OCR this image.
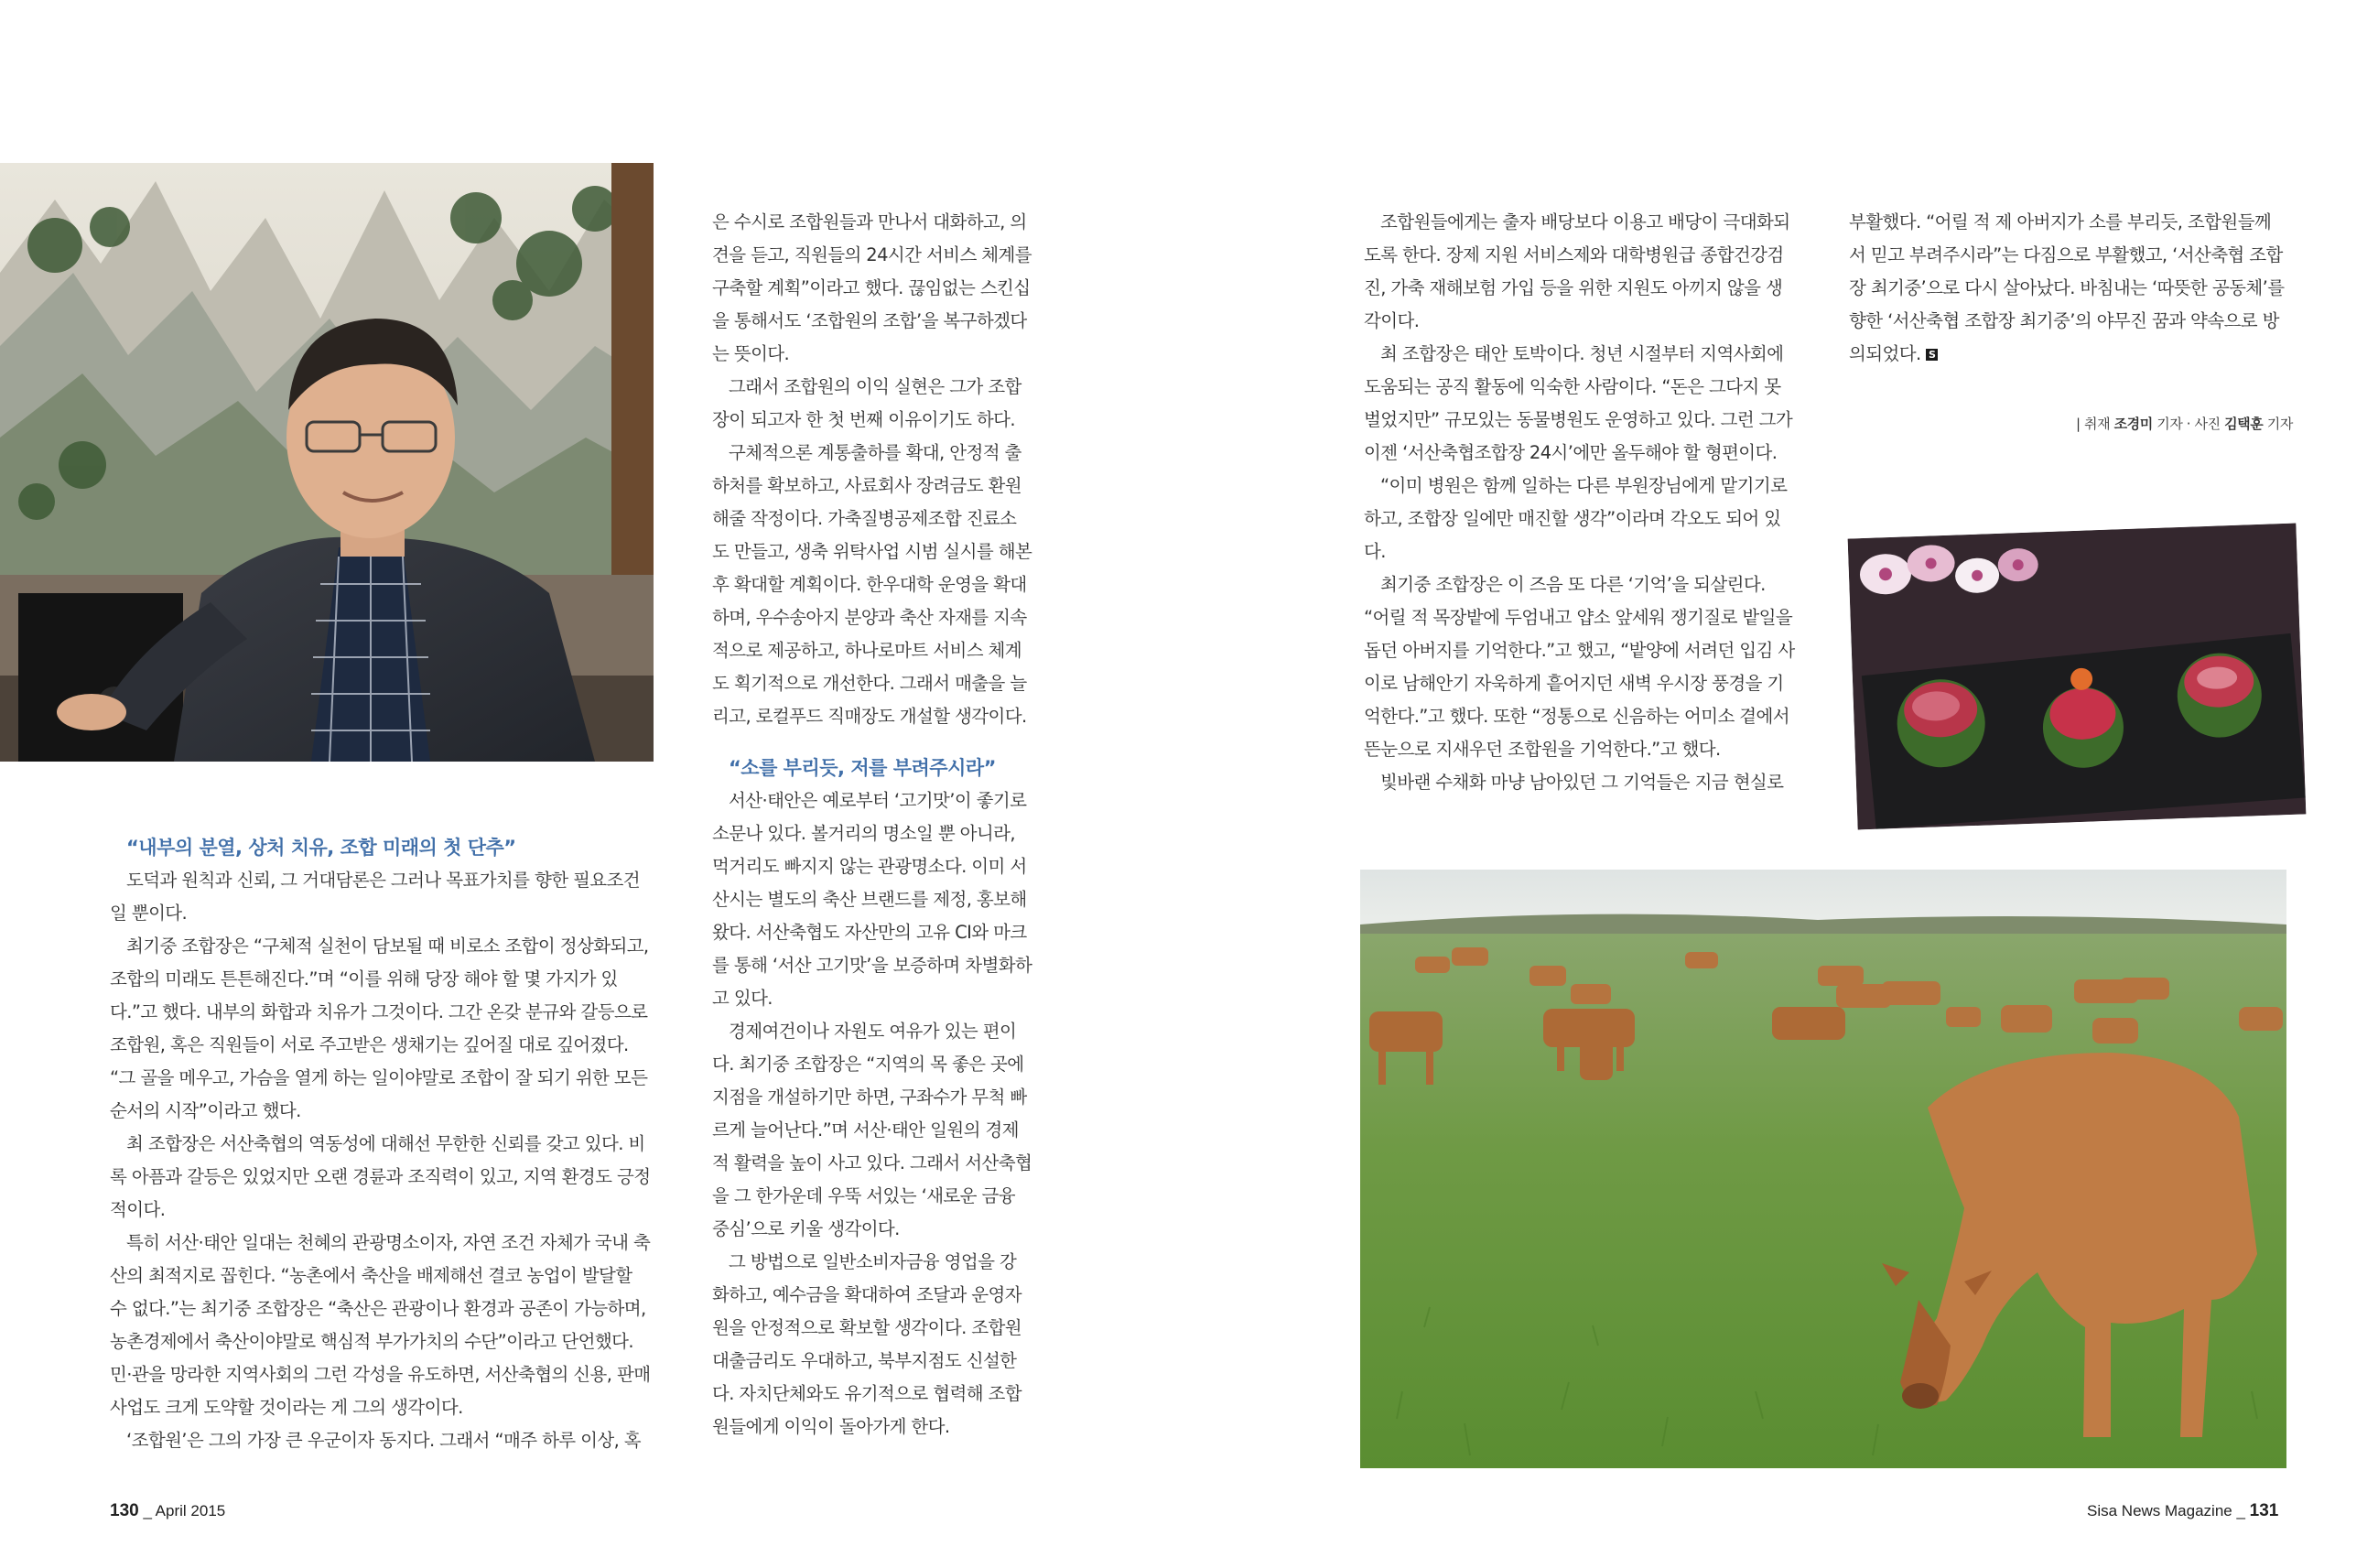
“내부의 분열, 상처 치유, 조합 미래의 첫 단추”

도덕과 원칙과 신뢰, 그 거대담론은 그러나 목표가치를 향한 필요조건일 뿐이다.

최기중 조합장은 “구체적 실천이 담보될 때 비로소 조합이 정상화되고, 조합의 미래도 튼튼해진다.”며 “이를 위해 당장 해야 할 몇 가지가 있다.”고 했다. 내부의 화합과 치유가 그것이다. 그간 온갖 분규와 갈등으로 조합원, 혹은 직원들이 서로 주고받은 생채기는 깊어질 대로 깊어졌다. “그 골을 메우고, 가슴을 열게 하는 일이야말로 조합이 잘 되기 위한 모든 순서의 시작”이라고 했다.

최 조합장은 서산축협의 역동성에 대해선 무한한 신뢰를 갖고 있다. 비록 아픔과 갈등은 있었지만 오랜 경륜과 조직력이 있고, 지역 환경도 긍정적이다.

특히 서산·태안 일대는 천혜의 관광명소이자, 자연 조건 자체가 국내 축산의 최적지로 꼽힌다. “농촌에서 축산을 배제해선 결코 농업이 발달할 수 없다.”는 최기중 조합장은 “축산은 관광이나 환경과 공존이 가능하며, 농촌경제에서 축산이야말로 핵심적 부가가치의 수단”이라고 단언했다. 민·관을 망라한 지역사회의 그런 각성을 유도하면, 서산축협의 신용, 판매사업도 크게 도약할 것이라는 게 그의 생각이다.

‘조합원’은 그의 가장 큰 우군이자 동지다. 그래서 “매주 하루 이상, 혹

은 수시로 조합원들과 만나서 대화하고, 의견을 듣고, 직원들의 24시간 서비스 체계를 구축할 계획”이라고 했다. 끊임없는 스킨십을 통해서도 ‘조합원의 조합’을 복구하겠다는 뜻이다.

그래서 조합원의 이익 실현은 그가 조합장이 되고자 한 첫 번째 이유이기도 하다.

구체적으론 계통출하를 확대, 안정적 출하처를 확보하고, 사료회사 장려금도 환원해줄 작정이다. 가축질병공제조합 진료소도 만들고, 생축 위탁사업 시범 실시를 해본 후 확대할 계획이다. 한우대학 운영을 확대하며, 우수송아지 분양과 축산 자재를 지속적으로 제공하고, 하나로마트 서비스 체계도 획기적으로 개선한다. 그래서 매출을 늘리고, 로컬푸드 직매장도 개설할 생각이다.

“소를 부리듯, 저를 부려주시라”

서산·태안은 예로부터 ‘고기맛’이 좋기로 소문나 있다. 볼거리의 명소일 뿐 아니라, 먹거리도 빠지지 않는 관광명소다. 이미 서산시는 별도의 축산 브랜드를 제정, 홍보해 왔다. 서산축협도 자산만의 고유 CI와 마크를 통해 ‘서산 고기맛’을 보증하며 차별화하고 있다.

경제여건이나 자원도 여유가 있는 편이다. 최기중 조합장은 “지역의 목 좋은 곳에 지점을 개설하기만 하면, 구좌수가 무척 빠르게 늘어난다.”며 서산·태안 일원의 경제적 활력을 높이 사고 있다. 그래서 서산축협을 그 한가운데 우뚝 서있는 ‘새로운 금융 중심’으로 키울 생각이다.

그 방법으로 일반소비자금융 영업을 강화하고, 예수금을 확대하여 조달과 운영자원을 안정적으로 확보할 생각이다. 조합원 대출금리도 우대하고, 북부지점도 신설한다. 자치단체와도 유기적으로 협력해 조합원들에게 이익이 돌아가게 한다.

130 _ April 2015

조합원들에게는 출자 배당보다 이용고 배당이 극대화되도록 한다. 장제 지원 서비스제와 대학병원급 종합건강검진, 가축 재해보험 가입 등을 위한 지원도 아끼지 않을 생각이다.

최 조합장은 태안 토박이다. 청년 시절부터 지역사회에 도움되는 공직 활동에 익숙한 사람이다. “돈은 그다지 못 벌었지만” 규모있는 동물병원도 운영하고 있다. 그런 그가 이젠 ‘서산축협조합장 24시’에만 올두해야 할 형편이다.

“이미 병원은 함께 일하는 다른 부원장님에게 맡기기로 하고, 조합장 일에만 매진할 생각”이라며 각오도 되어 있다.

최기중 조합장은 이 즈음 또 다른 ‘기억’을 되살린다. “어릴 적 목장밭에 두엄내고 얍소 앞세워 쟁기질로 밭일을 돕던 아버지를 기억한다.”고 했고, “밭양에 서려던 입김 사이로 남해안기 자욱하게 흩어지던 새벽 우시장 풍경을 기억한다.”고 했다. 또한 “정통으로 신음하는 어미소 곁에서 뜬눈으로 지새우던 조합원을 기억한다.”고 했다.

빛바랜 수채화 마냥 남아있던 그 기억들은 지금 현실로

부활했다. “어릴 적 제 아버지가 소를 부리듯, 조합원들께서 믿고 부려주시라”는 다짐으로 부활했고, ‘서산축협 조합장 최기중’으로 다시 살아났다. 바침내는 ‘따뜻한 공동체’를 향한 ‘서산축협 조합장 최기중’의 야무진 꿈과 약속으로 방의되었다. S

| 취재 조경미 기자 · 사진 김택훈 기자
Sisa News Magazine _ 131
